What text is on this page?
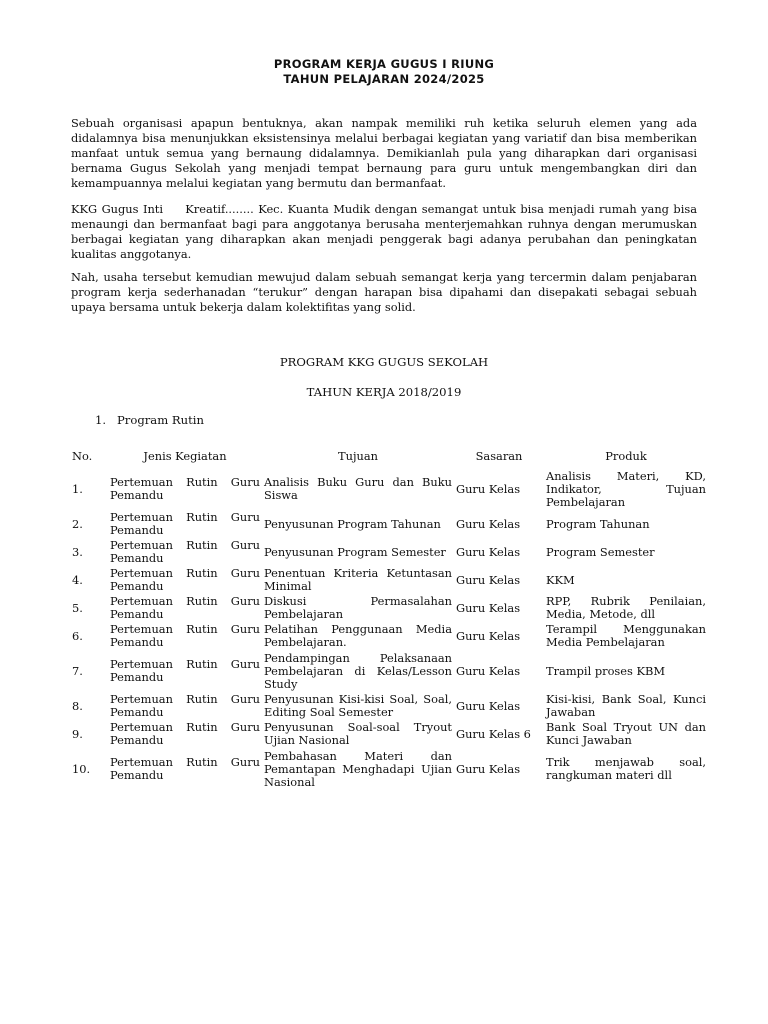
PROGRAM KERJA GUGUS I RIUNG
TAHUN PELAJARAN 2024/2025

Sebuah organisasi apapun bentuknya, akan nampak memiliki ruh ketika seluruh elemen yang ada didalamnya bisa menunjukkan eksistensinya melalui berbagai kegiatan yang variatif dan bisa memberikan manfaat untuk semua yang bernaung didalamnya. Demikianlah pula yang diharapkan dari organisasi bernama Gugus Sekolah yang menjadi tempat bernaung para guru untuk mengembangkan diri dan kemampuannya melalui kegiatan yang bermutu dan bermanfaat.

KKG Gugus Inti     Kreatif........ Kec. Kuanta Mudik dengan semangat untuk bisa menjadi rumah yang bisa menaungi dan bermanfaat bagi para anggotanya berusaha menterjemahkan ruhnya dengan merumuskan berbagai kegiatan yang diharapkan akan menjadi penggerak bagi adanya perubahan dan peningkatan kualitas anggotanya.

Nah, usaha tersebut kemudian mewujud dalam sebuah semangat kerja yang tercermin dalam penjabaran program kerja sederhanadan “terukur” dengan harapan bisa dipahami dan disepakati sebagai sebuah upaya bersama untuk bekerja dalam kolektifitas yang solid.

PROGRAM KKG GUGUS SEKOLAH
TAHUN KERJA 2018/2019
1. Program Rutin
No.	Jenis Kegiatan	Tujuan	Sasaran	Produk
1.	Pertemuan Rutin Guru
Pemandu	Analisis Buku Guru dan Buku Siswa	Guru Kelas	Analisis Materi, KD, Indikator, Tujuan Pembelajaran
2.	Pertemuan Rutin Guru
Pemandu	Penyusunan Program Tahunan	Guru Kelas	Program Tahunan
3.	Pertemuan Rutin Guru
Pemandu	Penyusunan Program Semester	Guru Kelas	Program Semester
4.	Pertemuan Rutin Guru
Pemandu	Penentuan Kriteria Ketuntasan Minimal	Guru Kelas	KKM
5.	Pertemuan Rutin Guru
Pemandu	Diskusi Permasalahan Pembelajaran	Guru Kelas	RPP, Rubrik Penilaian, Media, Metode, dll
6.	Pertemuan Rutin Guru
Pemandu	Pelatihan Penggunaan Media Pembelajaran.	Guru Kelas	Terampil Menggunakan Media Pembelajaran
7.	Pertemuan Rutin Guru
Pemandu	Pendampingan Pelaksanaan Pembelajaran di Kelas/Lesson Study	Guru Kelas	Trampil proses KBM
8.	Pertemuan Rutin Guru
Pemandu	Penyusunan Kisi-kisi Soal, Soal, Editing Soal Semester	Guru Kelas	Kisi-kisi, Bank Soal, Kunci Jawaban
9.	Pertemuan Rutin Guru
Pemandu	Penyusunan Soal-soal Tryout Ujian Nasional	Guru Kelas 6	Bank Soal Tryout UN dan Kunci Jawaban
10.	Pertemuan Rutin Guru
Pemandu	Pembahasan Materi dan Pemantapan Menghadapi Ujian Nasional	Guru Kelas	Trik menjawab soal, rangkuman materi dll
